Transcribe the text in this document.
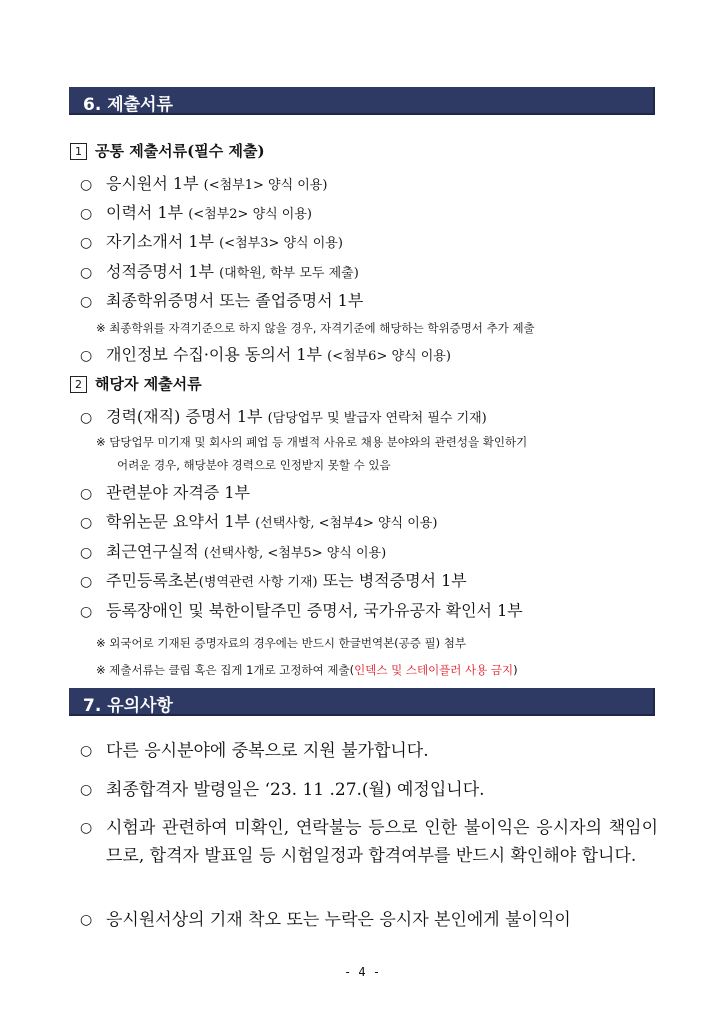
6. 제출서류
1 공통 제출서류(필수 제출)
○ 응시원서 1부 (<첨부1> 양식 이용)
○ 이력서 1부 (<첨부2> 양식 이용)
○ 자기소개서 1부 (<첨부3> 양식 이용)
○ 성적증명서 1부 (대학원, 학부 모두 제출)
○ 최종학위증명서 또는 졸업증명서 1부
※ 최종학위를 자격기준으로 하지 않을 경우, 자격기준에 해당하는 학위증명서 추가 제출
○ 개인정보 수집·이용 동의서 1부 (<첨부6> 양식 이용)
2 해당자 제출서류
○ 경력(재직) 증명서 1부 (담당업무 및 발급자 연락처 필수 기재)
※ 담당업무 미기재 및 회사의 폐업 등 개별적 사유로 채용 분야와의 관련성을 확인하기
어려운 경우, 해당분야 경력으로 인정받지 못할 수 있음
○ 관련분야 자격증 1부
○ 학위논문 요약서 1부 (선택사항, <첨부4> 양식 이용)
○ 최근연구실적 (선택사항, <첨부5> 양식 이용)
○ 주민등록초본(병역관련 사항 기재) 또는 병적증명서 1부
○ 등록장애인 및 북한이탈주민 증명서, 국가유공자 확인서 1부
※ 외국어로 기재된 증명자료의 경우에는 반드시 한글번역본(공증 필) 첨부
※ 제출서류는 클립 혹은 집게 1개로 고정하여 제출(인덱스 및 스테이플러 사용 금지)
7. 유의사항
○ 다른 응시분야에 중복으로 지원 불가합니다.
○ 최종합격자 발령일은 ‘23. 11 .27.(월) 예정입니다.
○ 시험과 관련하여 미확인, 연락불능 등으로 인한 불이익은 응시자의 책임이므로, 합격자 발표일 등 시험일정과 합격여부를 반드시 확인해야 합니다.
○ 응시원서상의 기재 착오 또는 누락은 응시자 본인에게 불이익이
- 4 -
